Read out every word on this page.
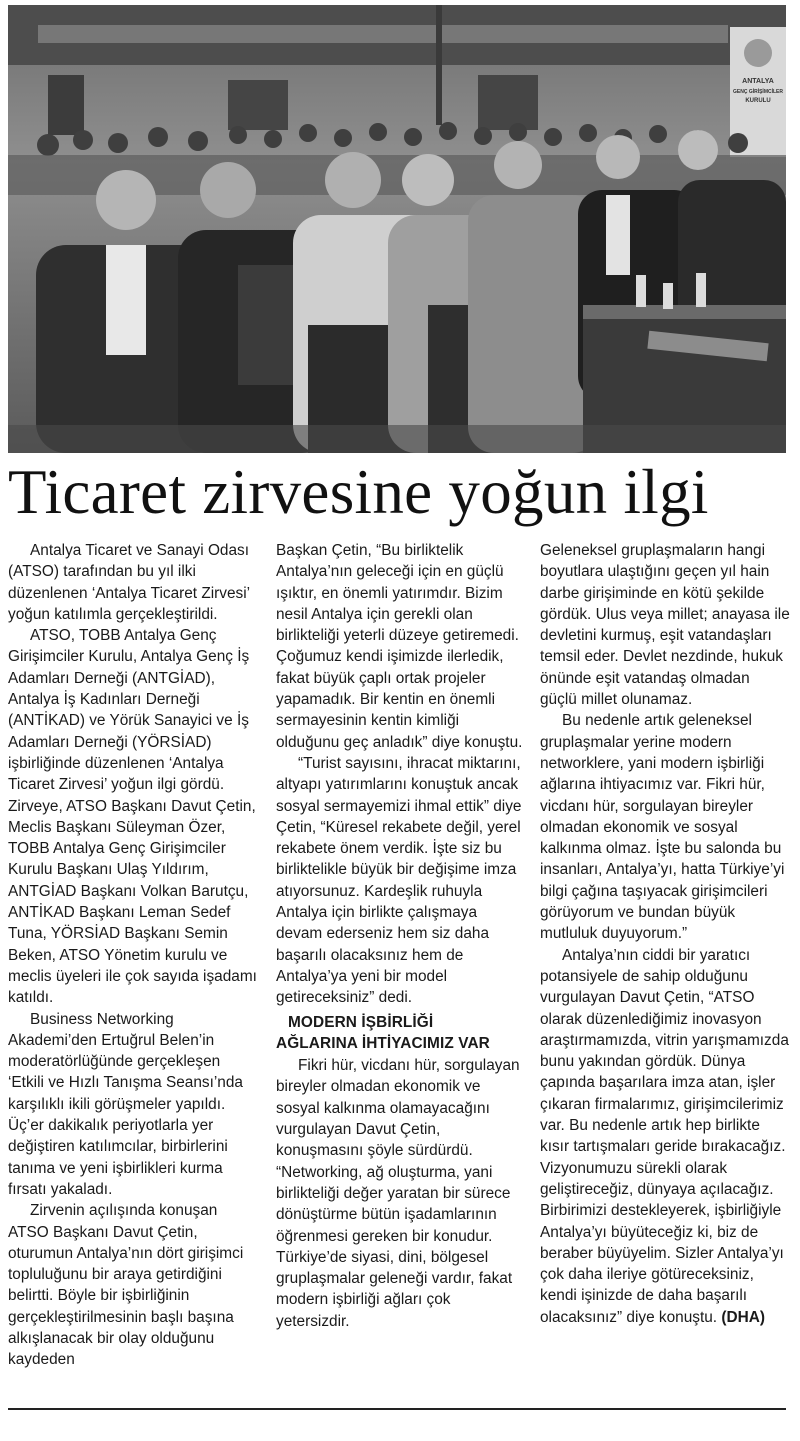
ANTALYA
GENÇ GİRİŞİMCİLER
KURULU
Ticaret zirvesine yoğun ilgi

Antalya Ticaret ve Sanayi Odası (ATSO) tarafından bu yıl ilki düzenlenen ‘Antalya Ticaret Zirvesi’ yoğun katılımla gerçekleştirildi.

ATSO, TOBB Antalya Genç Girişimciler Kurulu, Antalya Genç İş Adamları Derneği (ANTGİAD), Antalya İş Kadınları Derneği (ANTİKAD) ve Yörük Sanayici ve İş Adamları Derneği (YÖRSİAD) işbirliğinde düzenlenen ‘Antalya Ticaret Zirvesi’ yoğun ilgi gördü. Zirveye, ATSO Başkanı Davut Çetin, Meclis Başkanı Süleyman Özer, TOBB Antalya Genç Girişimciler Kurulu Başkanı Ulaş Yıldırım, ANTGİAD Başkanı Volkan Barutçu, ANTİKAD Başkanı Leman Sedef Tuna, YÖRSİAD Başkanı Semin Beken, ATSO Yönetim kurulu ve meclis üyeleri ile çok sayıda işadamı katıldı.

Business Networking Akademi’den Ertuğrul Belen’in moderatörlüğünde gerçekleşen ‘Etkili ve Hızlı Tanışma Seansı’nda karşılıklı ikili görüşmeler yapıldı. Üç’er dakikalık periyotlarla yer değiştiren katılımcılar, birbirlerini tanıma ve yeni işbirlikleri kurma fırsatı yakaladı.

Zirvenin açılışında konuşan ATSO Başkanı Davut Çetin, oturumun Antalya’nın dört girişimci topluluğunu bir araya getirdiğini belirtti. Böyle bir işbirliğinin gerçekleştirilmesinin başlı başına alkışlanacak bir olay olduğunu kaydeden

Başkan Çetin, “Bu birliktelik Antalya’nın geleceği için en güçlü ışıktır, en önemli yatırımdır. Bizim nesil Antalya için gerekli olan birlikteliği yeterli düzeye getiremedi. Çoğumuz kendi işimizde ilerledik, fakat büyük çaplı ortak projeler yapamadık. Bir kentin en önemli sermayesinin kentin kimliği olduğunu geç anladık” diye konuştu.

“Turist sayısını, ihracat miktarını, altyapı yatırımlarını konuştuk ancak sosyal sermayemizi ihmal ettik” diye Çetin, “Küresel rekabete değil, yerel rekabete önem verdik. İşte siz bu birliktelikle büyük bir değişime imza atıyorsunuz. Kardeşlik ruhuyla Antalya için birlikte çalışmaya devam ederseniz hem siz daha başarılı olacaksınız hem de Antalya’ya yeni bir model getireceksiniz” dedi.

MODERN İŞBİRLİĞİ

AĞLARINA İHTİYACIMIZ VAR

Fikri hür, vicdanı hür, sorgulayan bireyler olmadan ekonomik ve sosyal kalkınma olamayacağını vurgulayan Davut Çetin, konuşmasını şöyle sürdürdü. “Networking, ağ oluşturma, yani birlikteliği değer yaratan bir sürece dönüştürme bütün işadamlarının öğrenmesi gereken bir konudur. Türkiye’de siyasi, dini, bölgesel gruplaşmalar geleneği vardır, fakat modern işbirliği ağları çok yetersizdir.

Geleneksel gruplaşmaların hangi boyutlara ulaştığını geçen yıl hain darbe girişiminde en kötü şekilde gördük. Ulus veya millet; anayasa ile devletini kurmuş, eşit vatandaşları temsil eder. Devlet nezdinde, hukuk önünde eşit vatandaş olmadan güçlü millet olunamaz.

Bu nedenle artık geleneksel gruplaşmalar yerine modern networklere, yani modern işbirliği ağlarına ihtiyacımız var. Fikri hür, vicdanı hür, sorgulayan bireyler olmadan ekonomik ve sosyal kalkınma olmaz. İşte bu salonda bu insanları, Antalya’yı, hatta Türkiye’yi bilgi çağına taşıyacak girişimcileri görüyorum ve bundan büyük mutluluk duyuyorum.”

Antalya’nın ciddi bir yaratıcı potansiyele de sahip olduğunu vurgulayan Davut Çetin, “ATSO olarak düzenlediğimiz inovasyon araştırmamızda, vitrin yarışmamızda bunu yakından gördük. Dünya çapında başarılara imza atan, işler çıkaran firmalarımız, girişimcilerimiz var. Bu nedenle artık hep birlikte kısır tartışmaları geride bırakacağız. Vizyonumuzu sürekli olarak geliştireceğiz, dünyaya açılacağız. Birbirimizi destekleyerek, işbirliğiyle Antalya’yı büyüteceğiz ki, biz de beraber büyüyelim. Sizler Antalya’yı çok daha ileriye götüreceksiniz, kendi işinizde de daha başarılı olacaksınız” diye konuştu. (DHA)
